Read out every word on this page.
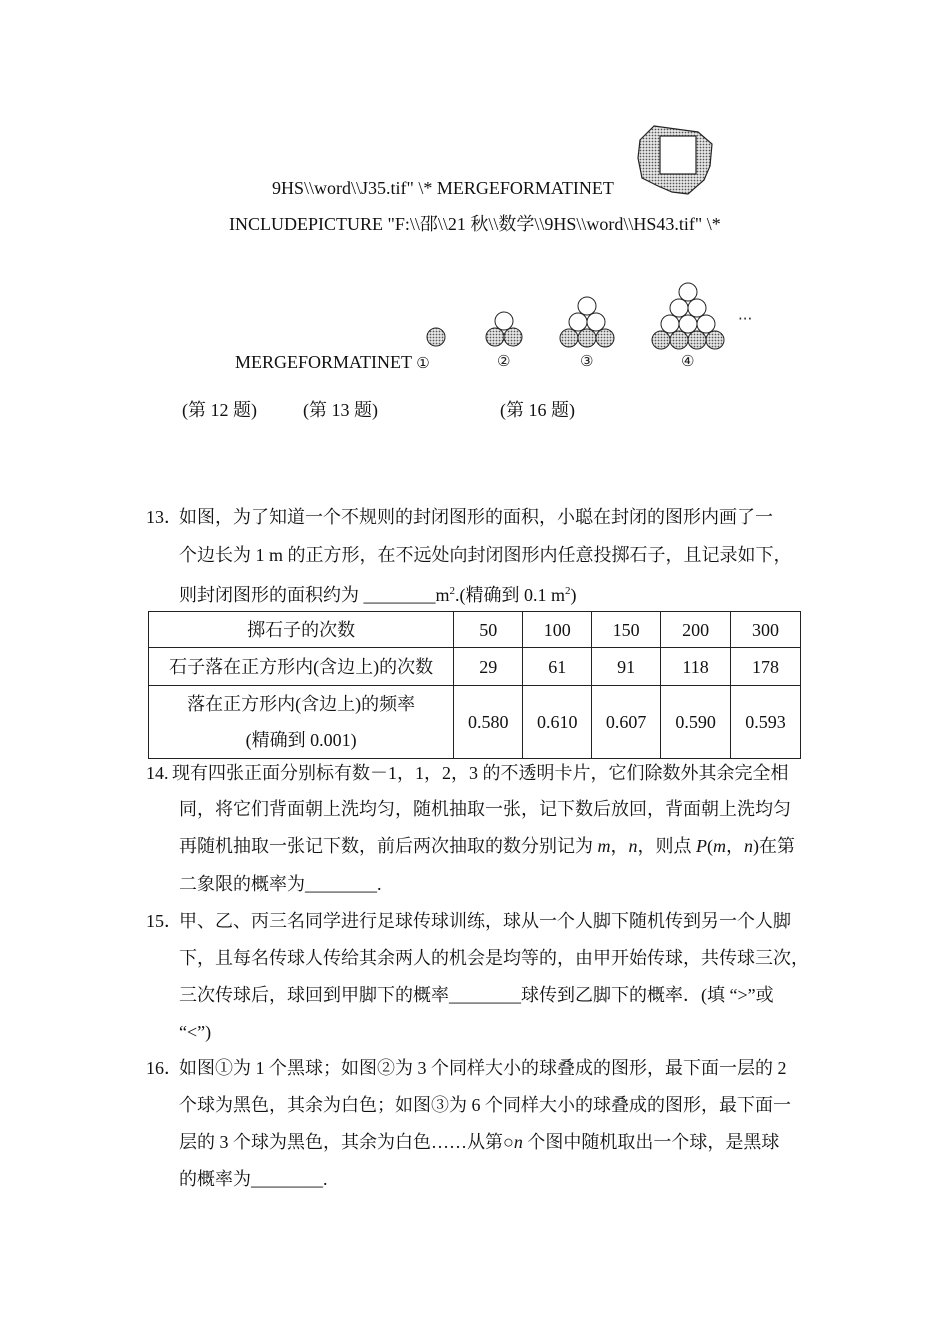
9HS\\word\\J35.tif" \* MERGEFORMATINET
INCLUDEPICTURE "F:\\邵\\21 秋\\数学\\9HS\\word\\HS43.tif" \*
···
②	③	④
MERGEFORMATINET ①
(第 12 题)	(第 13 题)	(第 16 题)
13．
如图，为了知道一个不规则的封闭图形的面积，小聪在封闭的图形内画了一
个边长为 1 m 的正方形，在不远处向封闭图形内任意投掷石子，且记录如下，
则封闭图形的面积约为 $\_\_\_\_\_\_\_\_m^2$.(精确到 0.1 $m^2$)
掷石子的次数	50	100	150	200	300
石子落在正方形内(含边上)的次数	29	61	91	118	178

落在正方形内(含边上)的频率
(精确到 0.001)	0.580	0.610	0.607	0.590	0.593
14. 现有四张正面分别标有数－1，1，2，3 的不透明卡片，它们除数外其余完全相
同，将它们背面朝上洗均匀，随机抽取一张，记下数后放回，背面朝上洗均匀
再随机抽取一张记下数，前后两次抽取的数分别记为 m，n，则点 P(m，n)在第
二象限的概率为________.
15．
甲、乙、丙三名同学进行足球传球训练，球从一个人脚下随机传到另一个人脚
下，且每名传球人传给其余两人的机会是均等的，由甲开始传球，共传球三次，
三次传球后，球回到甲脚下的概率________球传到乙脚下的概率．(填 “>”或
“<”)
16．
如图①为 1 个黑球；如图②为 3 个同样大小的球叠成的图形，最下面一层的 2
个球为黑色，其余为白色；如图③为 6 个同样大小的球叠成的图形，最下面一
层的 3 个球为黑色，其余为白色……从第○n 个图中随机取出一个球，是黑球
的概率为________.
